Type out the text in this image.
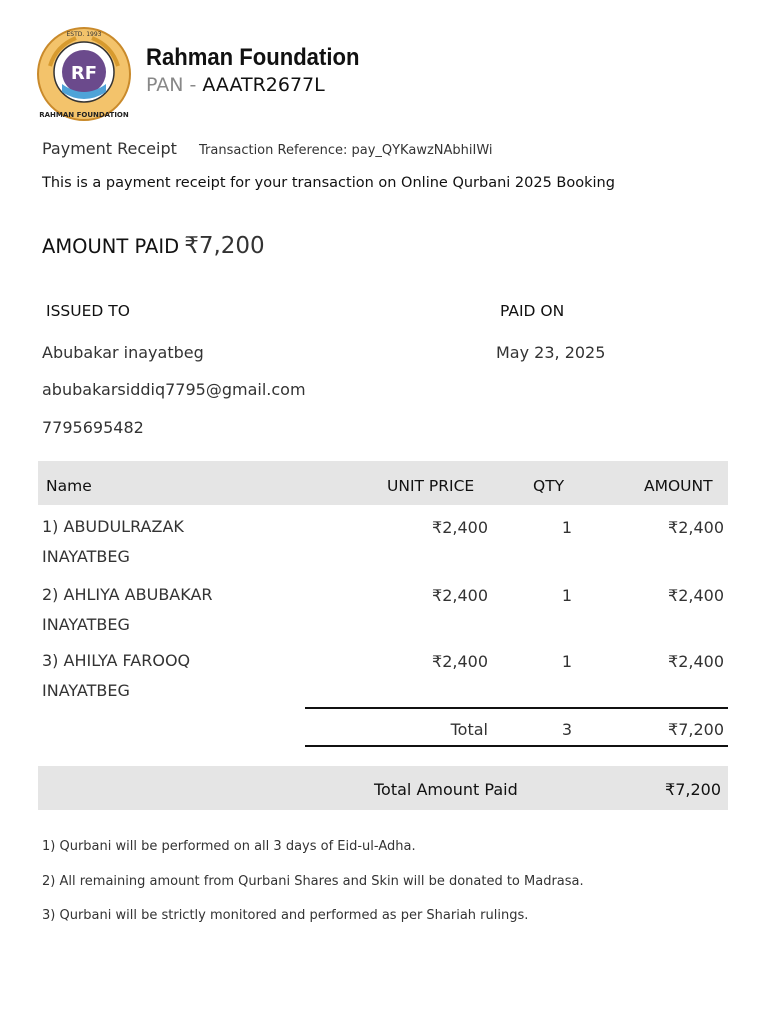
ESTD. 1993
RF
RAHMAN FOUNDATION
Rahman Foundation
PAN - AAATR2677L
Payment Receipt Transaction Reference: pay_QYKawzNAbhiIWi
This is a payment receipt for your transaction on Online Qurbani 2025 Booking
AMOUNT PAID ₹7,200
ISSUED TO	PAID ON
Abubakar inayatbeg	May 23, 2025
abubakarsiddiq7795@gmail.com
7795695482
Name	UNIT PRICE	QTY	AMOUNT
1) ABUDULRAZAK
INAYATBEG
₹2,400	1	₹2,400
2) AHLIYA ABUBAKAR
INAYATBEG
₹2,400	1	₹2,400
3) AHILYA FAROOQ
INAYATBEG
₹2,400	1	₹2,400
Total	3	₹7,200
Total Amount Paid	₹7,200
1) Qurbani will be performed on all 3 days of Eid-ul-Adha.
2) All remaining amount from Qurbani Shares and Skin will be donated to Madrasa.
3) Qurbani will be strictly monitored and performed as per Shariah rulings.
